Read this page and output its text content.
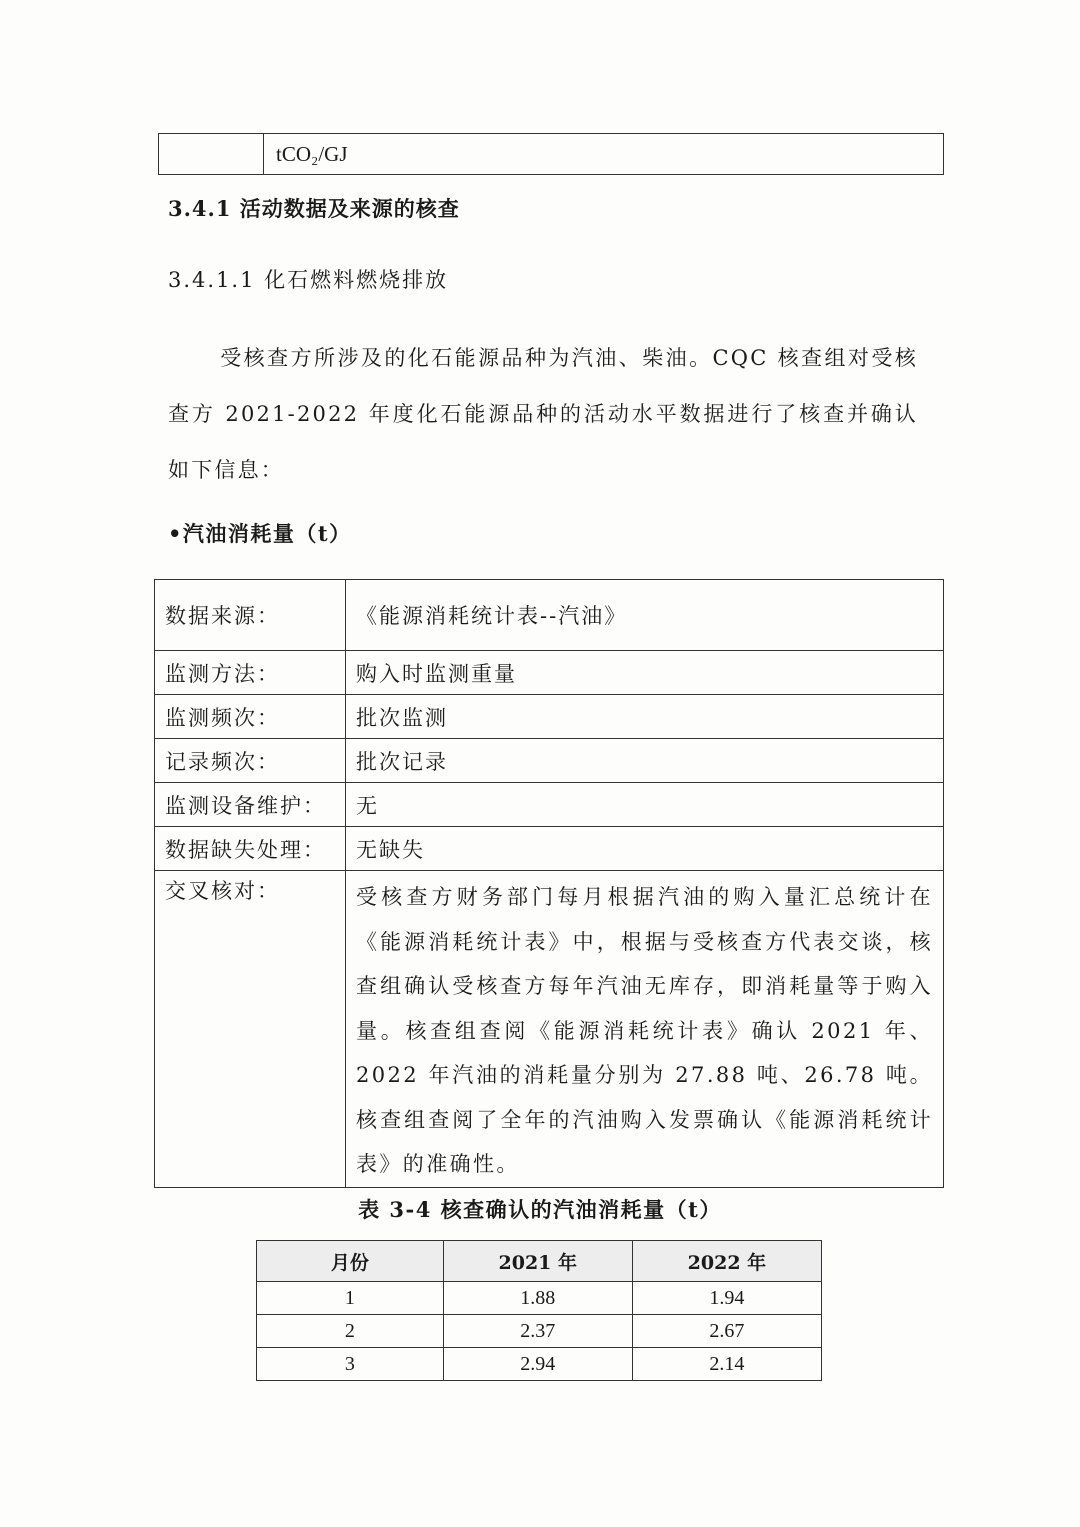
	tCO₂/GJ
3.4.1 活动数据及来源的核查
3.4.1.1 化石燃料燃烧排放
受核查方所涉及的化石能源品种为汽油、柴油。CQC 核查组对受核查方 2021-2022 年度化石能源品种的活动水平数据进行了核查并确认如下信息：
•汽油消耗量（t）
数据来源：	《能源消耗统计表--汽油》
监测方法：	购入时监测重量
监测频次：	批次监测
记录频次：	批次记录
监测设备维护：	无
数据缺失处理：	无缺失
交叉核对：	受核查方财务部门每月根据汽油的购入量汇总统计在《能源消耗统计表》中，根据与受核查方代表交谈，核查组确认受核查方每年汽油无库存，即消耗量等于购入量。核查组查阅《能源消耗统计表》确认 2021 年、2022 年汽油的消耗量分别为 27.88 吨、26.78 吨。核查组查阅了全年的汽油购入发票确认《能源消耗统计表》的准确性。
表 3-4 核查确认的汽油消耗量（t）
月份	2021 年	2022 年
1	1.88	1.94
2	2.37	2.67
3	2.94	2.14
